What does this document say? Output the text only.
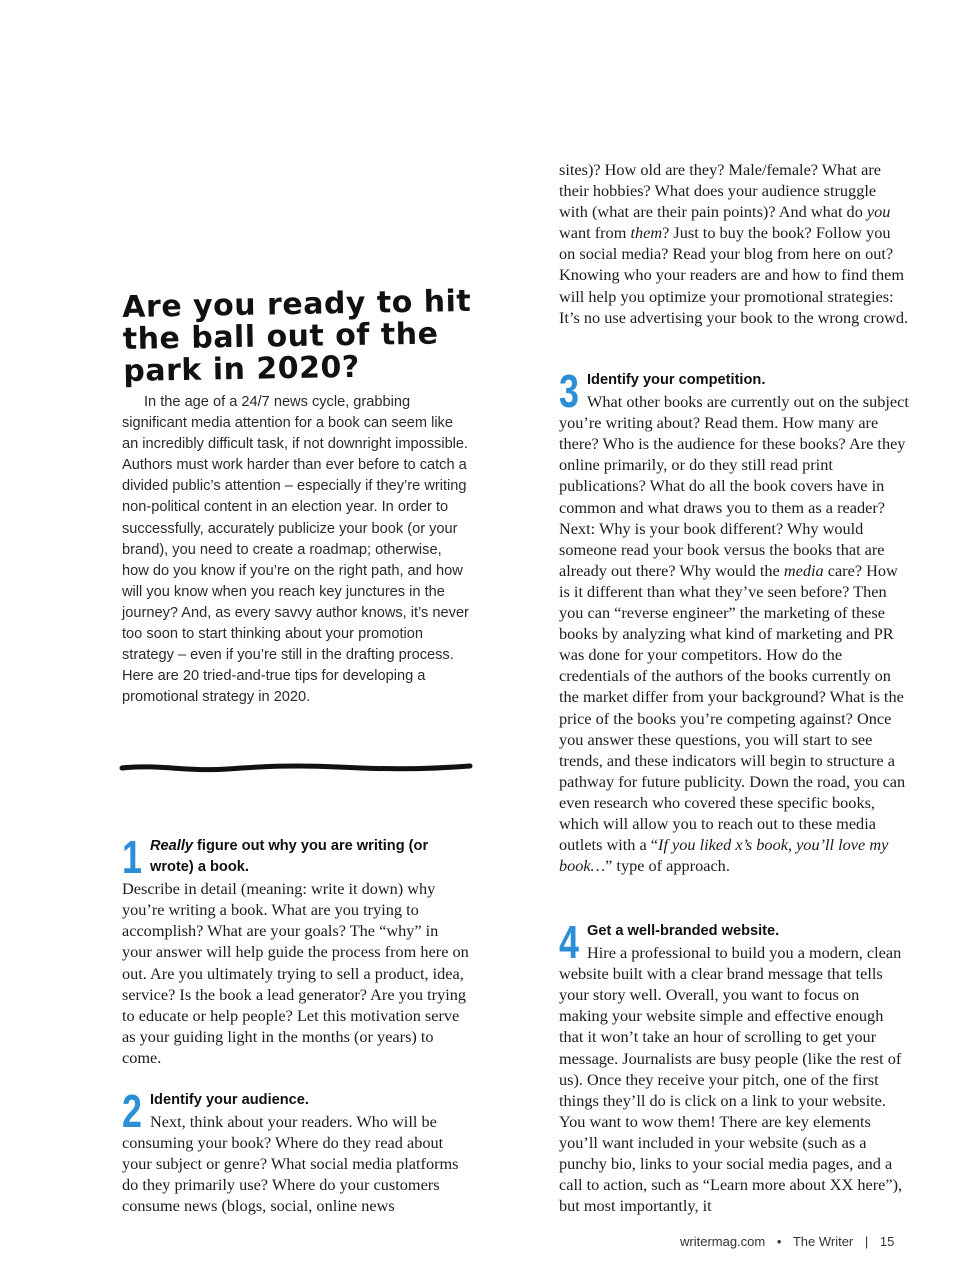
Are you ready to hit
the ball out of the
park in 2020?

In the age of a 24/7 news cycle, grabbing significant media attention for a book can seem like an incredibly difficult task, if not downright impossible. Authors must work harder than ever before to catch a divided public’s attention – especially if they’re writing non-political content in an election year. In order to successfully, accurately publicize your book (or your brand), you need to create a roadmap; otherwise, how do you know if you’re on the right path, and how will you know when you reach key junctures in the journey? And, as every savvy author knows, it’s never too soon to start thinking about your promotion strategy – even if you’re still in the drafting process. Here are 20 tried-and-true tips for developing a promotional strategy in 2020.

1 Really figure out why you are writing (or wrote) a book.
Describe in detail (meaning: write it down) why you’re writing a book. What are you trying to accomplish? What are your goals? The “why” in your answer will help guide the process from here on out. Are you ultimately trying to sell a product, idea, service? Is the book a lead generator? Are you trying to educate or help people? Let this motivation serve as your guiding light in the months (or years) to come.
2 Identify your audience.
Next, think about your readers. Who will be consuming your book? Where do they read about your subject or genre? What social media platforms do they primarily use? Where do your customers consume news (blogs, social, online news
sites)? How old are they? Male/female? What are their hobbies? What does your audience struggle with (what are their pain points)? And what do you want from them? Just to buy the book? Follow you on social media? Read your blog from here on out? Knowing who your readers are and how to find them will help you optimize your promotional strategies: It’s no use advertising your book to the wrong crowd.
3 Identify your competition.
What other books are currently out on the subject you’re writing about? Read them. How many are there? Who is the audience for these books? Are they online primarily, or do they still read print publications? What do all the book covers have in common and what draws you to them as a reader? Next: Why is your book different? Why would someone read your book versus the books that are already out there? Why would the media care? How is it different than what they’ve seen before? Then you can “reverse engineer” the marketing of these books by analyzing what kind of marketing and PR was done for your competitors. How do the credentials of the authors of the books currently on the market differ from your background? What is the price of the books you’re competing against? Once you answer these questions, you will start to see trends, and these indicators will begin to structure a pathway for future publicity. Down the road, you can even research who covered these specific books, which will allow you to reach out to these media outlets with a “If you liked x’s book, you’ll love my book…” type of approach.
4 Get a well-branded website.
Hire a professional to build you a modern, clean website built with a clear brand message that tells your story well. Overall, you want to focus on making your website simple and effective enough that it won’t take an hour of scrolling to get your message. Journalists are busy people (like the rest of us). Once they receive your pitch, one of the first things they’ll do is click on a link to your website. You want to wow them! There are key elements you’ll want included in your website (such as a punchy bio, links to your social media pages, and a call to action, such as “Learn more about XX here”), but most importantly, it
writermag.com • The Writer | 15
